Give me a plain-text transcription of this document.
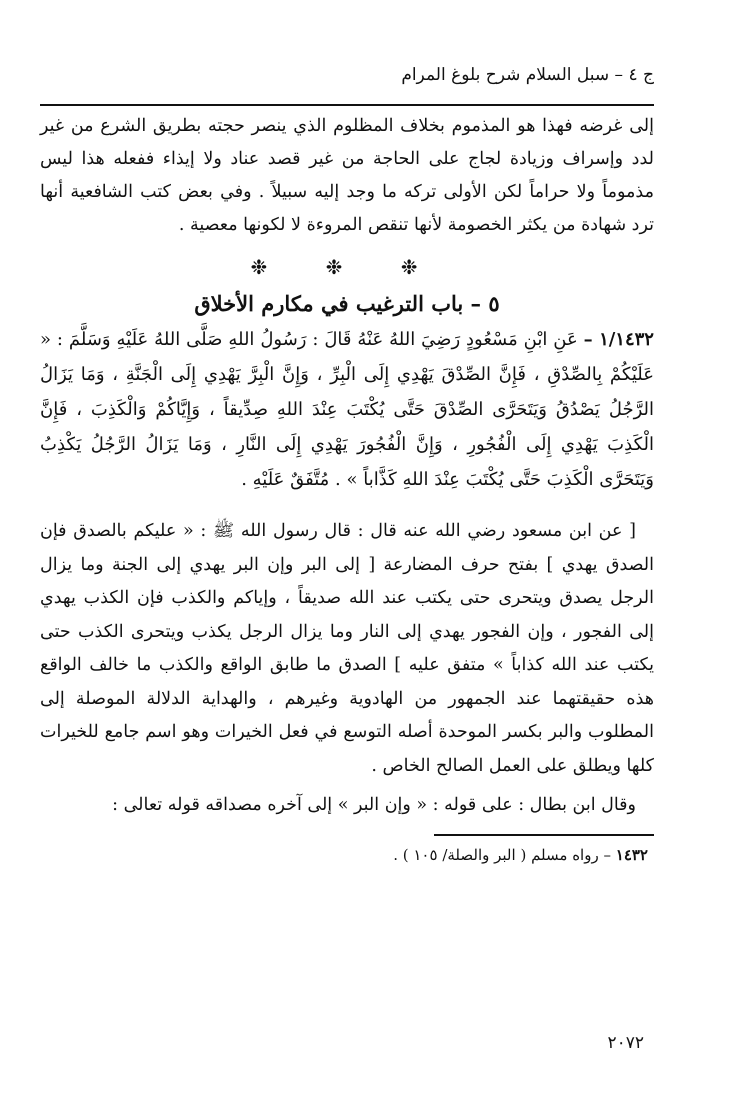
ج ٤ – سبل السلام شرح بلوغ المرام

إلى غرضه فهذا هو المذموم بخلاف المظلوم الذي ينصر حجته بطريق الشرع من غير لدد وإسراف وزيادة لجاج على الحاجة من غير قصد عناد ولا إيذاء ففعله هذا ليس مذموماً ولا حراماً لكن الأولى تركه ما وجد إليه سبيلاً . وفي بعض كتب الشافعية أنها ترد شهادة من يكثر الخصومة لأنها تنقص المروءة لا لكونها معصية .

❉ ❉ ❉
٥ – باب الترغيب في مكارم الأخلاق

١/١٤٣٢ – عَنِ ابْنِ مَسْعُودٍ رَضِيَ اللهُ عَنْهُ قَالَ : رَسُولُ اللهِ صَلَّى اللهُ عَلَيْهِ وَسَلَّمَ : « عَلَيْكُمْ بِالصِّدْقِ ، فَإِنَّ الصِّدْقَ يَهْدِي إِلَى الْبِرِّ ، وَإِنَّ الْبِرَّ يَهْدِي إِلَى الْجَنَّةِ ، وَمَا يَزَالُ الرَّجُلُ يَصْدُقُ وَيَتَحَرَّى الصِّدْقَ حَتَّى يُكْتَبَ عِنْدَ اللهِ صِدِّيقاً ، وَإِيَّاكُمْ وَالْكَذِبَ ، فَإِنَّ الْكَذِبَ يَهْدِي إِلَى الْفُجُورِ ، وَإِنَّ الْفُجُورَ يَهْدِي إِلَى النَّارِ ، وَمَا يَزَالُ الرَّجُلُ يَكْذِبُ وَيَتَحَرَّى الْكَذِبَ حَتَّى يُكْتَبَ عِنْدَ اللهِ كَذَّاباً » . مُتَّفَقٌ عَلَيْهِ .

[ عن ابن مسعود رضي الله عنه قال : قال رسول الله ﷺ : « عليكم بالصدق فإن الصدق يهدي ] بفتح حرف المضارعة [ إلى البر وإن البر يهدي إلى الجنة وما يزال الرجل يصدق ويتحرى حتى يكتب عند الله صديقاً ، وإياكم والكذب فإن الكذب يهدي إلى الفجور ، وإن الفجور يهدي إلى النار وما يزال الرجل يكذب ويتحرى الكذب حتى يكتب عند الله كذاباً » متفق عليه ] الصدق ما طابق الواقع والكذب ما خالف الواقع هذه حقيقتهما عند الجمهور من الهادوية وغيرهم ، والهداية الدلالة الموصلة إلى المطلوب والبر بكسر الموحدة أصله التوسع في فعل الخيرات وهو اسم جامع للخيرات كلها ويطلق على العمل الصالح الخاص .

وقال ابن بطال : على قوله : « وإن البر » إلى آخره مصداقه قوله تعالى :

١٤٣٢ – رواه مسلم ( البر والصلة/ ١٠٥ ) .

٢٠٧٢
